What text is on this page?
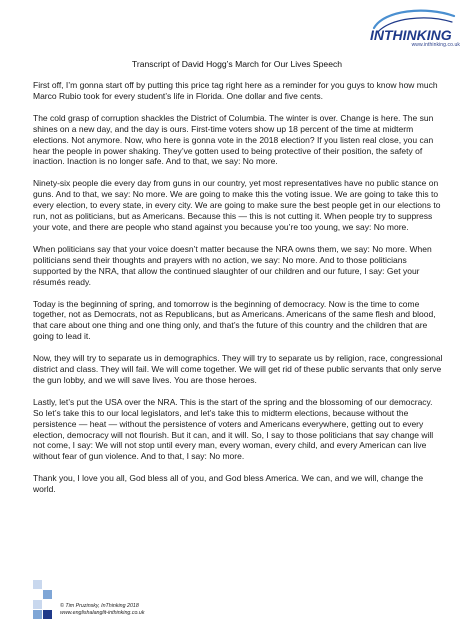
INTHINKING
www.inthinking.co.uk
Transcript of David Hogg’s March for Our Lives Speech

First off, I’m gonna start off by putting this price tag right here as a reminder for you guys to know how much Marco Rubio took for every student’s life in Florida. One dollar and five cents.

The cold grasp of corruption shackles the District of Columbia. The winter is over. Change is here. The sun shines on a new day, and the day is ours. First-time voters show up 18 percent of the time at midterm elections. Not anymore. Now, who here is gonna vote in the 2018 election? If you listen real close, you can hear the people in power shaking. They’ve gotten used to being protective of their position, the safety of inaction. Inaction is no longer safe. And to that, we say: No more.

Ninety-six people die every day from guns in our country, yet most representatives have no public stance on guns. And to that, we say: No more. We are going to make this the voting issue. We are going to take this to every election, to every state, in every city. We are going to make sure the best people get in our elections to run, not as politicians, but as Americans. Because this — this is not cutting it. When people try to suppress your vote, and there are people who stand against you because you’re too young, we say: No more.

When politicians say that your voice doesn’t matter because the NRA owns them, we say: No more. When politicians send their thoughts and prayers with no action, we say: No more. And to those politicians supported by the NRA, that allow the continued slaughter of our children and our future, I say: Get your résumés ready.

Today is the beginning of spring, and tomorrow is the beginning of democracy. Now is the time to come together, not as Democrats, not as Republicans, but as Americans. Americans of the same flesh and blood, that care about one thing and one thing only, and that’s the future of this country and the children that are going to lead it.

Now, they will try to separate us in demographics. They will try to separate us by religion, race, congressional district and class. They will fail. We will come together. We will get rid of these public servants that only serve the gun lobby, and we will save lives. You are those heroes.

Lastly, let’s put the USA over the NRA. This is the start of the spring and the blossoming of our democracy. So let’s take this to our local legislators, and let’s take this to midterm elections, because without the persistence — heat — without the persistence of voters and Americans everywhere, getting out to every election, democracy will not flourish. But it can, and it will. So, I say to those politicians that say change will not come, I say: We will not stop until every man, every woman, every child, and every American can live without fear of gun violence. And to that, I say: No more.

Thank you, I love you all, God bless all of you, and God bless America. We can, and we will, change the world.

© Tim Pruzinsky, InThinking 2018
www.englishalanglit-inthinking.co.uk
